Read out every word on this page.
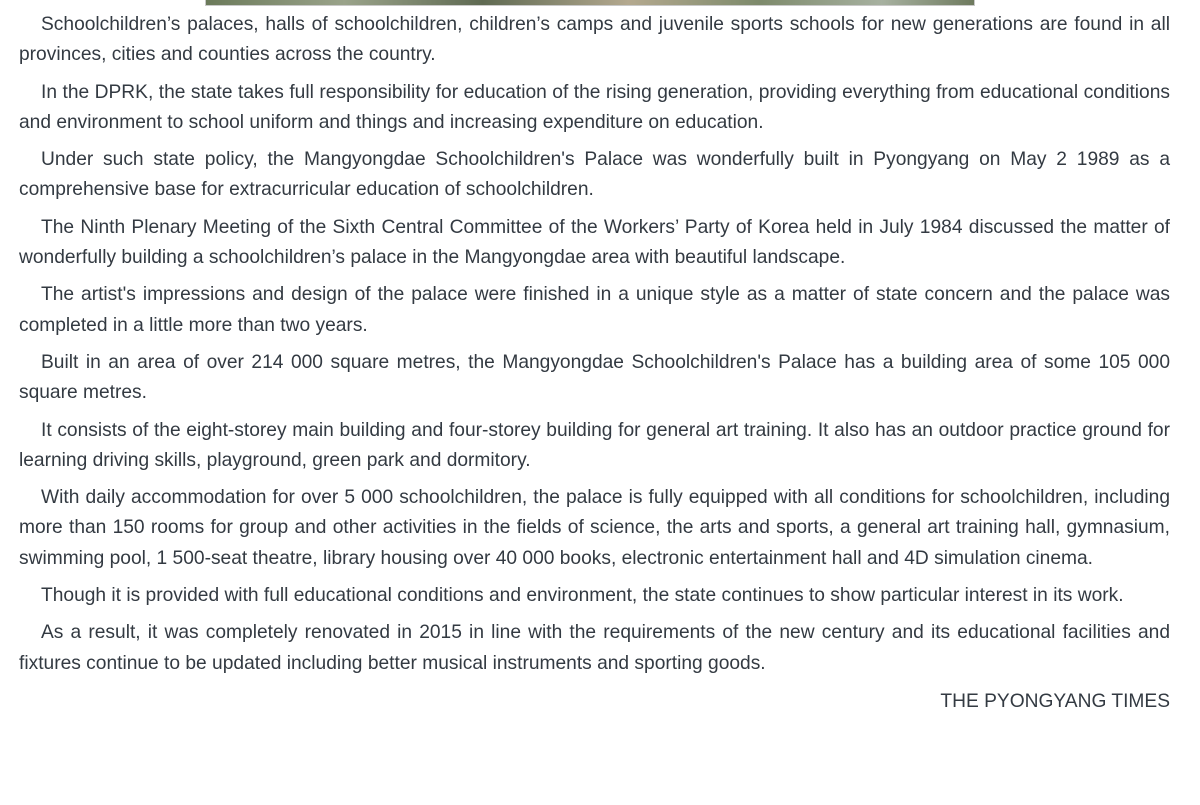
Schoolchildren’s palaces, halls of schoolchildren, children’s camps and juvenile sports schools for new generations are found in all provinces, cities and counties across the country.

In the DPRK, the state takes full responsibility for education of the rising generation, providing everything from educational conditions and environment to school uniform and things and increasing expenditure on education.

Under such state policy, the Mangyongdae Schoolchildren's Palace was wonderfully built in Pyongyang on May 2 1989 as a comprehensive base for extracurricular education of schoolchildren.

The Ninth Plenary Meeting of the Sixth Central Committee of the Workers’ Party of Korea held in July 1984 discussed the matter of wonderfully building a schoolchildren’s palace in the Mangyongdae area with beautiful landscape.

The artist's impressions and design of the palace were finished in a unique style as a matter of state concern and the palace was completed in a little more than two years.

Built in an area of over 214 000 square metres, the Mangyongdae Schoolchildren's Palace has a building area of some 105 000 square metres.

It consists of the eight-storey main building and four-storey building for general art training. It also has an outdoor practice ground for learning driving skills, playground, green park and dormitory.

With daily accommodation for over 5 000 schoolchildren, the palace is fully equipped with all conditions for schoolchildren, including more than 150 rooms for group and other activities in the fields of science, the arts and sports, a general art training hall, gymnasium, swimming pool, 1 500-seat theatre, library housing over 40 000 books, electronic entertainment hall and 4D simulation cinema.

Though it is provided with full educational conditions and environment, the state continues to show particular interest in its work.

As a result, it was completely renovated in 2015 in line with the requirements of the new century and its educational facilities and fixtures continue to be updated including better musical instruments and sporting goods.

THE PYONGYANG TIMES
